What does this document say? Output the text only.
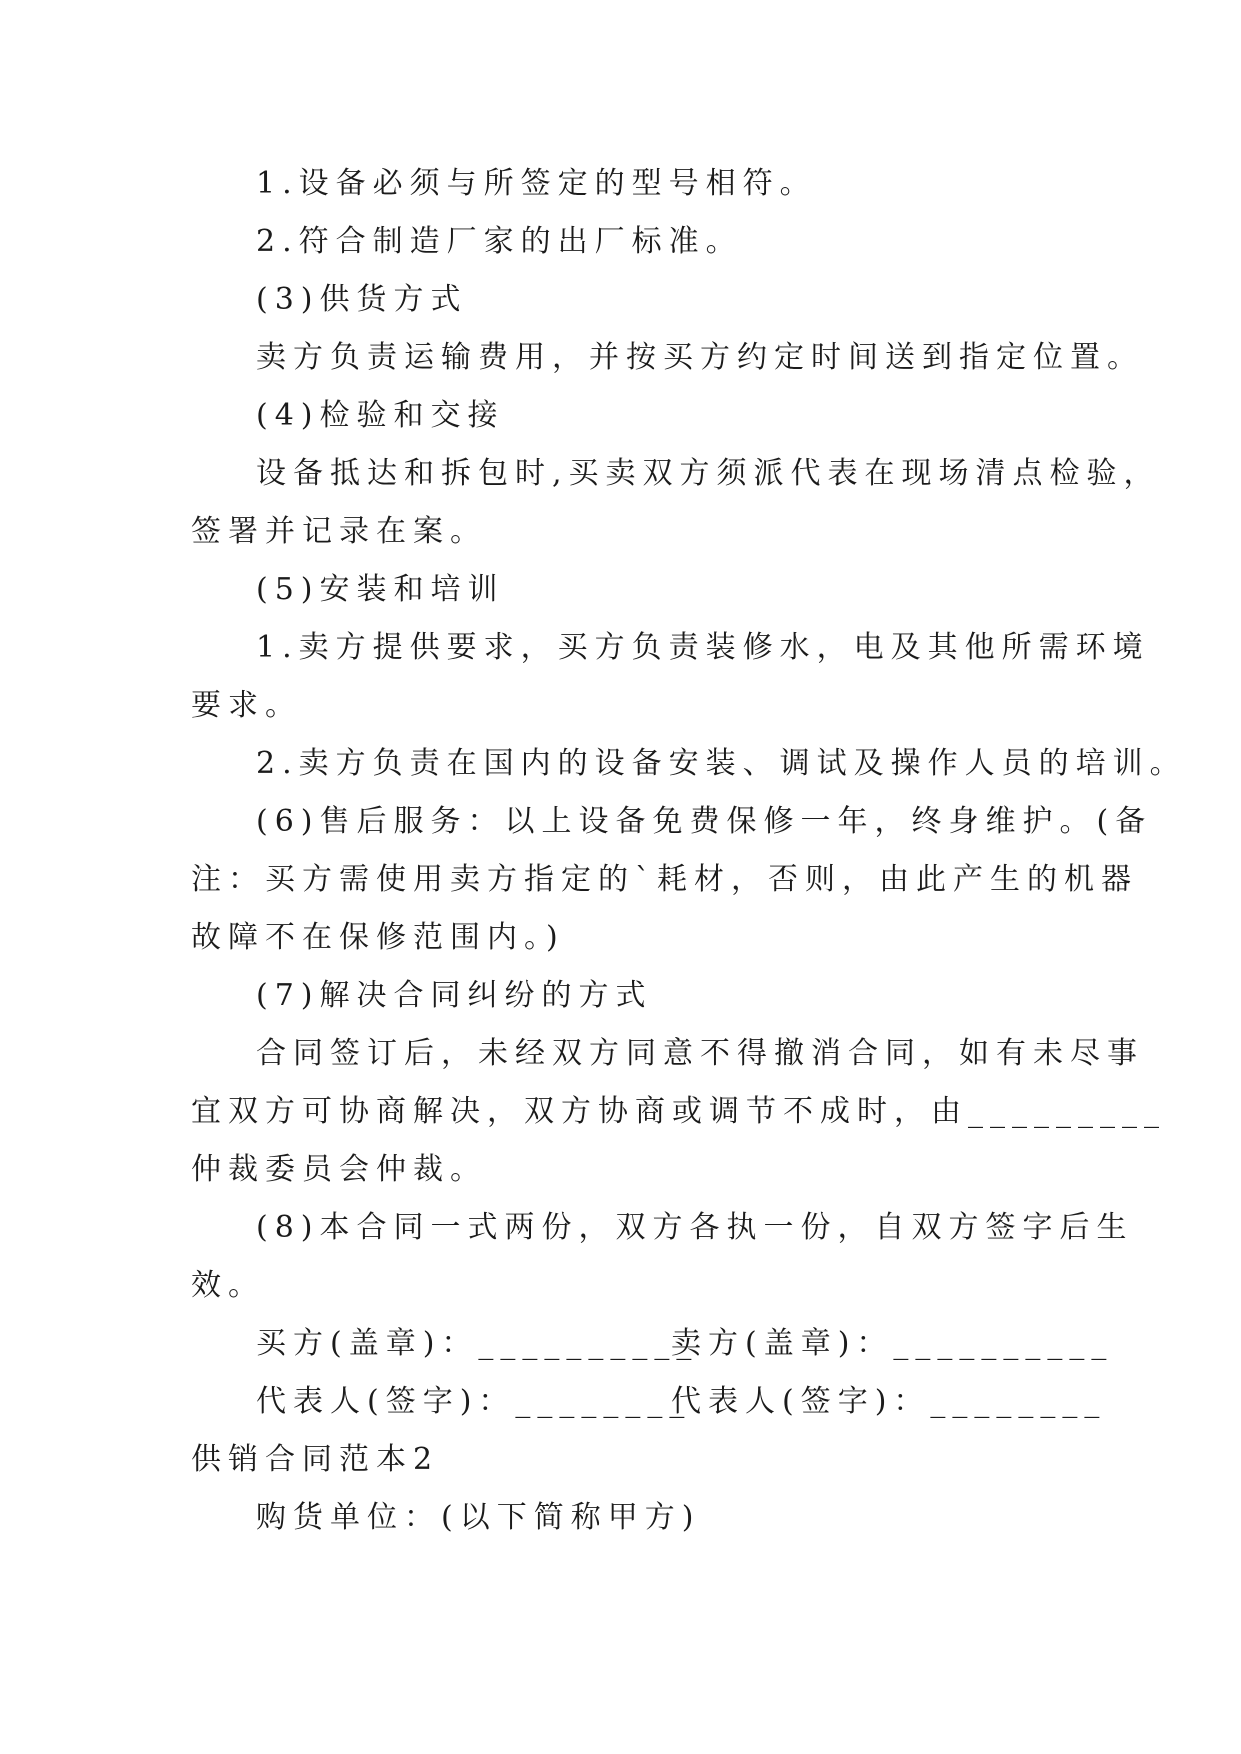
1.设备必须与所签定的型号相符。

2.符合制造厂家的出厂标准。

(3)供货方式

卖方负责运输费用，并按买方约定时间送到指定位置。

(4)检验和交接

设备抵达和拆包时,买卖双方须派代表在现场清点检验，

签署并记录在案。

(5)安装和培训

1.卖方提供要求，买方负责装修水，电及其他所需环境

要求。

2.卖方负责在国内的设备安装、调试及操作人员的培训。

(6)售后服务：以上设备免费保修一年，终身维护。(备

注：买方需使用卖方指定的`耗材，否则，由此产生的机器

故障不在保修范围内。)

(7)解决合同纠纷的方式

合同签订后，未经双方同意不得撤消合同，如有未尽事

宜双方可协商解决，双方协商或调节不成时，由_________

仲裁委员会仲裁。

(8)本合同一式两份，双方各执一份，自双方签字后生

效。

买方(盖章)：__________
卖方(盖章)：__________
代表人(签字)：________
代表人(签字)：________

供销合同范本2

购货单位：(以下简称甲方)
